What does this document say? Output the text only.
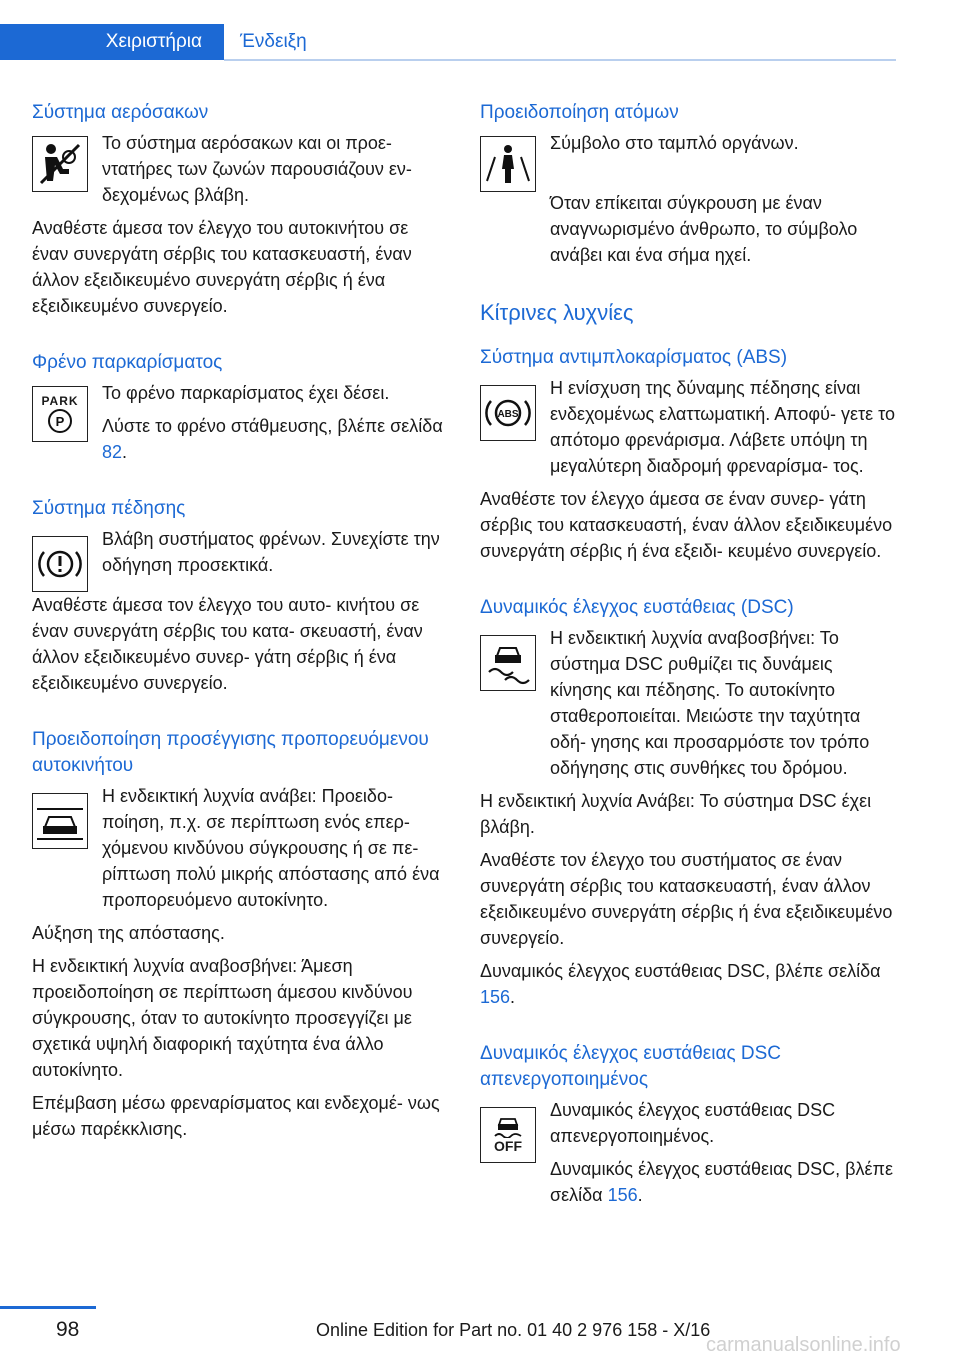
Χειριστήρια	Ένδειξη
Σύστημα αερόσακων
Το σύστημα αερόσακων και οι προε- ντατήρες των ζωνών παρουσιάζουν εν- δεχομένως βλάβη.
Αναθέστε άμεσα τον έλεγχο του αυτοκινήτου σε έναν συνεργάτη σέρβις του κατασκευαστή, έναν άλλον εξειδικευμένο συνεργάτη σέρβις ή ένα εξειδικευμένο συνεργείο.
Φρένο παρκαρίσματος
PARK
P
Το φρένο παρκαρίσματος έχει δέσει.
Λύστε το φρένο στάθμευσης, βλέπε σελίδα 82.
Σύστημα πέδησης
Βλάβη συστήματος φρένων. Συνεχίστε την οδήγηση προσεκτικά.
Αναθέστε άμεσα τον έλεγχο του αυτο- κινήτου σε έναν συνεργάτη σέρβις του κατα- σκευαστή, έναν άλλον εξειδικευμένο συνερ- γάτη σέρβις ή ένα εξειδικευμένο συνεργείο.
Προειδοποίηση προσέγγισης προπορευόμενου αυτοκινήτου
Η ενδεικτική λυχνία ανάβει: Προειδο- ποίηση, π.χ. σε περίπτωση ενός επερ- χόμενου κινδύνου σύγκρουσης ή σε πε- ρίπτωση πολύ μικρής απόστασης από ένα προπορευόμενο αυτοκίνητο.
Αύξηση της απόστασης.
Η ενδεικτική λυχνία αναβοσβήνει: Άμεση προειδοποίηση σε περίπτωση άμεσου κινδύνου σύγκρουσης, όταν το αυτοκίνητο προσεγγίζει με σχετικά υψηλή διαφορική ταχύτητα ένα άλλο αυτοκίνητο.
Επέμβαση μέσω φρεναρίσματος και ενδεχομέ- νως μέσω παρέκκλισης.
Προειδοποίηση ατόμων
Σύμβολο στο ταμπλό οργάνων.
Όταν επίκειται σύγκρουση με έναν αναγνωρισμένο άνθρωπο, το σύμβολο ανάβει και ένα σήμα ηχεί.
Κίτρινες λυχνίες
Σύστημα αντιμπλοκαρίσματος (ABS)
ABS
Η ενίσχυση της δύναμης πέδησης είναι ενδεχομένως ελαττωματική. Αποφύ- γετε το απότομο φρενάρισμα. Λάβετε υπόψη τη μεγαλύτερη διαδρομή φρεναρίσμα- τος.
Αναθέστε τον έλεγχο άμεσα σε έναν συνερ- γάτη σέρβις του κατασκευαστή, έναν άλλον εξειδικευμένο συνεργάτη σέρβις ή ένα εξειδι- κευμένο συνεργείο.
Δυναμικός έλεγχος ευστάθειας (DSC)
Η ενδεικτική λυχνία αναβοσβήνει: Το σύστημα DSC ρυθμίζει τις δυνάμεις κίνησης και πέδησης. Το αυτοκίνητο σταθεροποιείται. Μειώστε την ταχύτητα οδή- γησης και προσαρμόστε τον τρόπο οδήγησης στις συνθήκες του δρόμου.
Η ενδεικτική λυχνία Ανάβει: Το σύστημα DSC έχει βλάβη.
Αναθέστε τον έλεγχο του συστήματος σε έναν συνεργάτη σέρβις του κατασκευαστή, έναν άλλον εξειδικευμένο συνεργάτη σέρβις ή ένα εξειδικευμένο συνεργείο.
Δυναμικός έλεγχος ευστάθειας DSC, βλέπε σελίδα 156.
Δυναμικός έλεγχος ευστάθειας DSC απενεργοποιημένος
OFF
Δυναμικός έλεγχος ευστάθειας DSC απενεργοποιημένος.
Δυναμικός έλεγχος ευστάθειας DSC, βλέπε σελίδα 156.
98	Online Edition for Part no. 01 40 2 976 158 - X/16
carmanualsonline.info
